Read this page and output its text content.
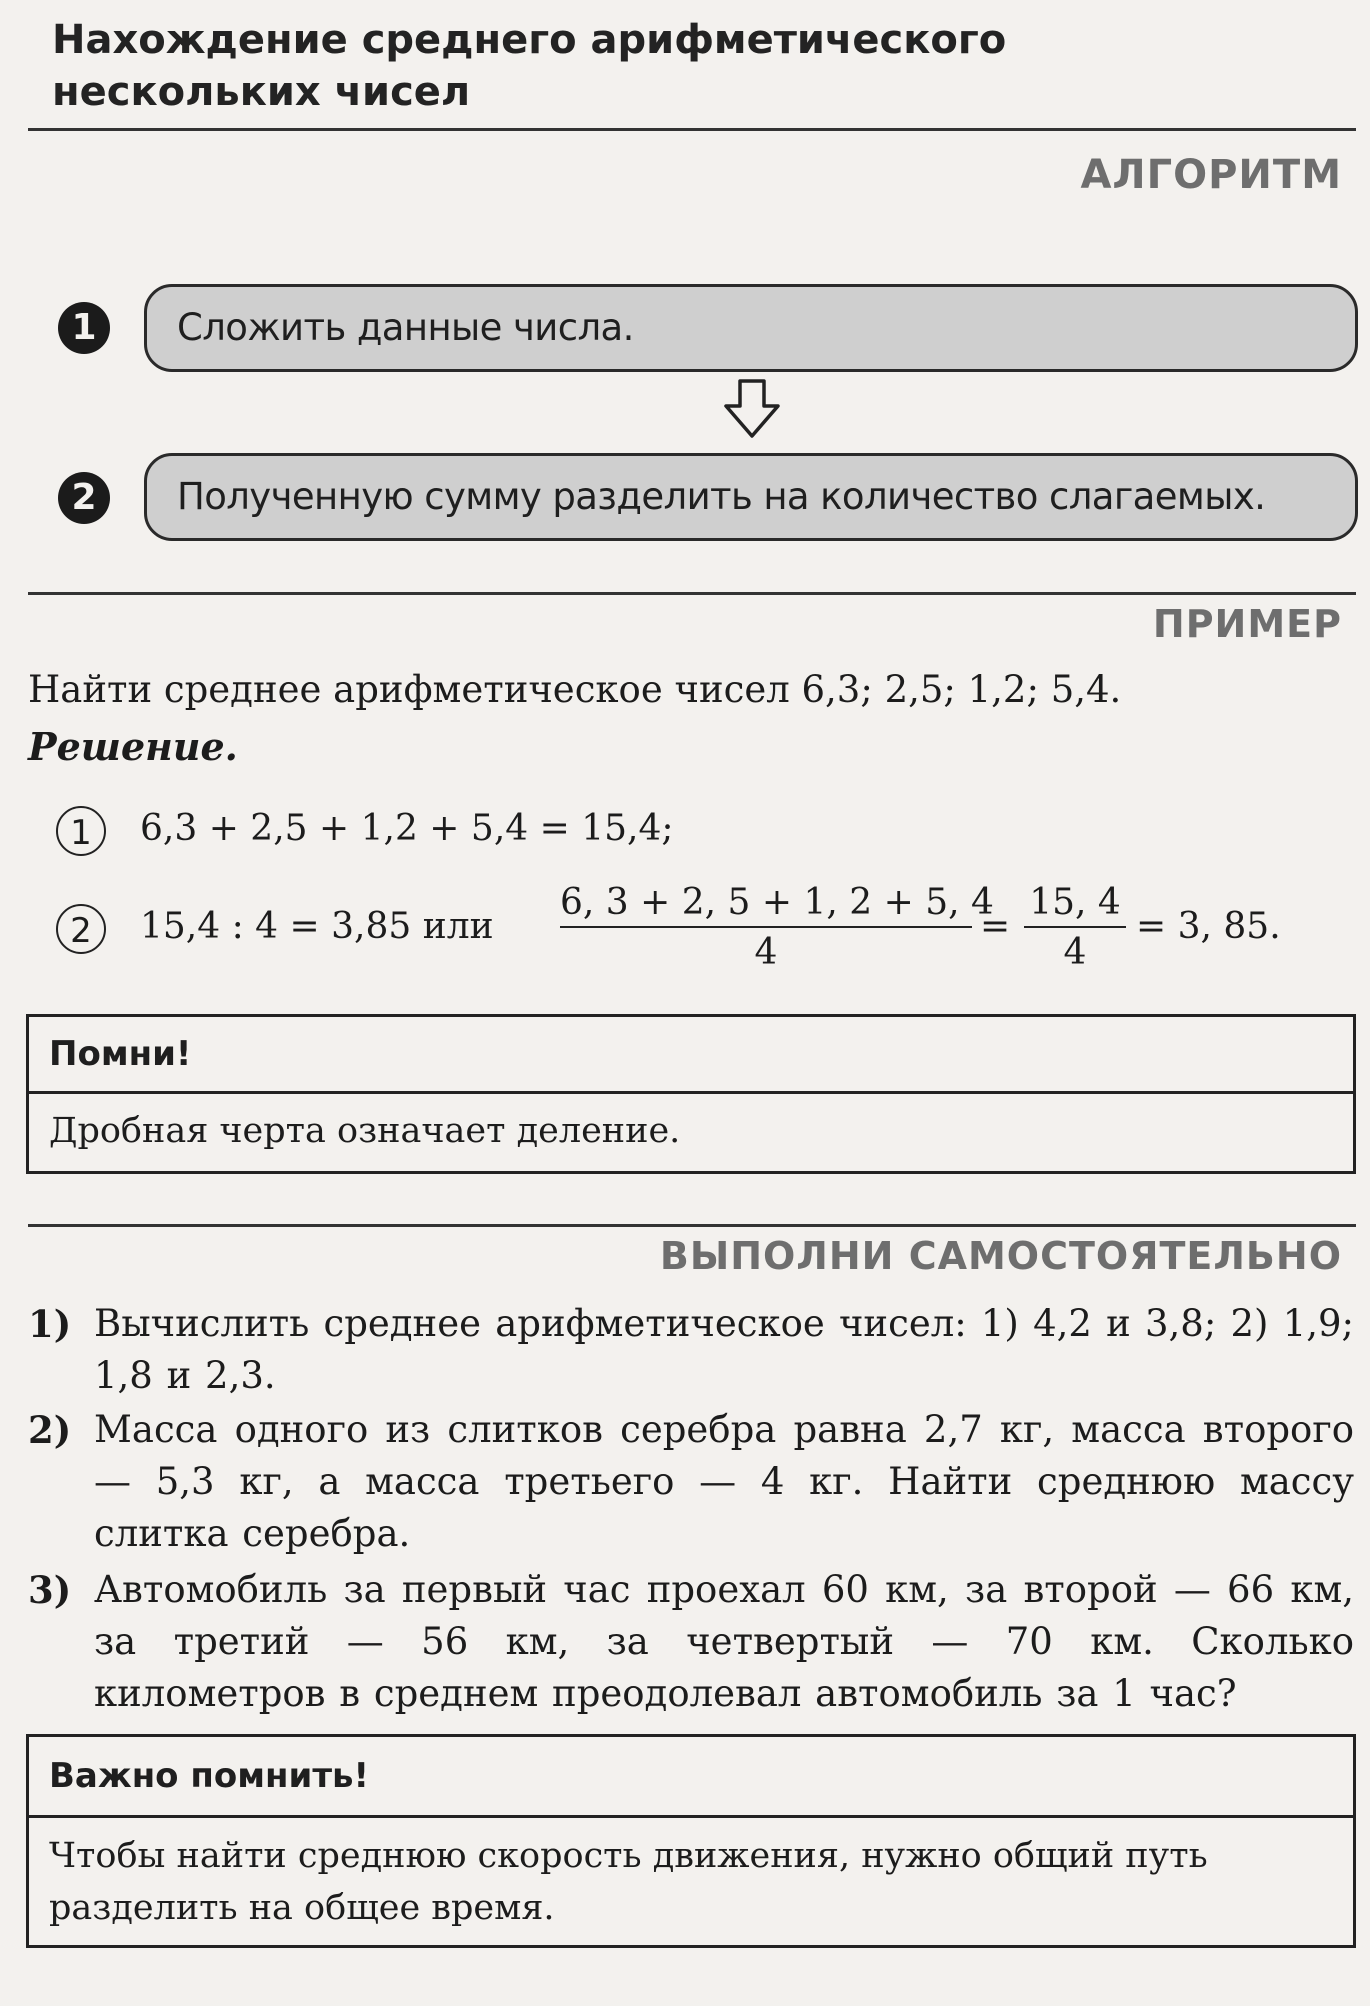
Нахождение среднего арифметического
нескольких чисел
АЛГОРИТМ
1	Сложить данные числа.
2	Полученную сумму разделить на количество слагаемых.
ПРИМЕР
Найти среднее арифметическое чисел 6,3; 2,5; 1,2; 5,4.
Решение.
1	6,3 + 2,5 + 1,2 + 5,4 = 15,4;
2	15,4 : 4 = 3,85 или
6, 3 + 2, 5 + 1, 2 + 5, 4
4
=
15, 4
4
= 3, 85.
Помни!
Дробная черта означает деление.
ВЫПОЛНИ САМОСТОЯТЕЛЬНО
1) Вычислить среднее арифметическое чисел: 1) 4,2 и 3,8; 2) 1,9; 1,8 и 2,3.
2) Масса одного из слитков серебра равна 2,7 кг, масса второго — 5,3 кг, а масса третьего — 4 кг. Найти среднюю массу слитка серебра.
3) Автомобиль за первый час проехал 60 км, за второй — 66 км, за третий — 56 км, за четвертый — 70 км. Сколько километров в среднем преодолевал автомобиль за 1 час?
Важно помнить!
Чтобы найти среднюю скорость движения, нужно общий путь разделить на общее время.
